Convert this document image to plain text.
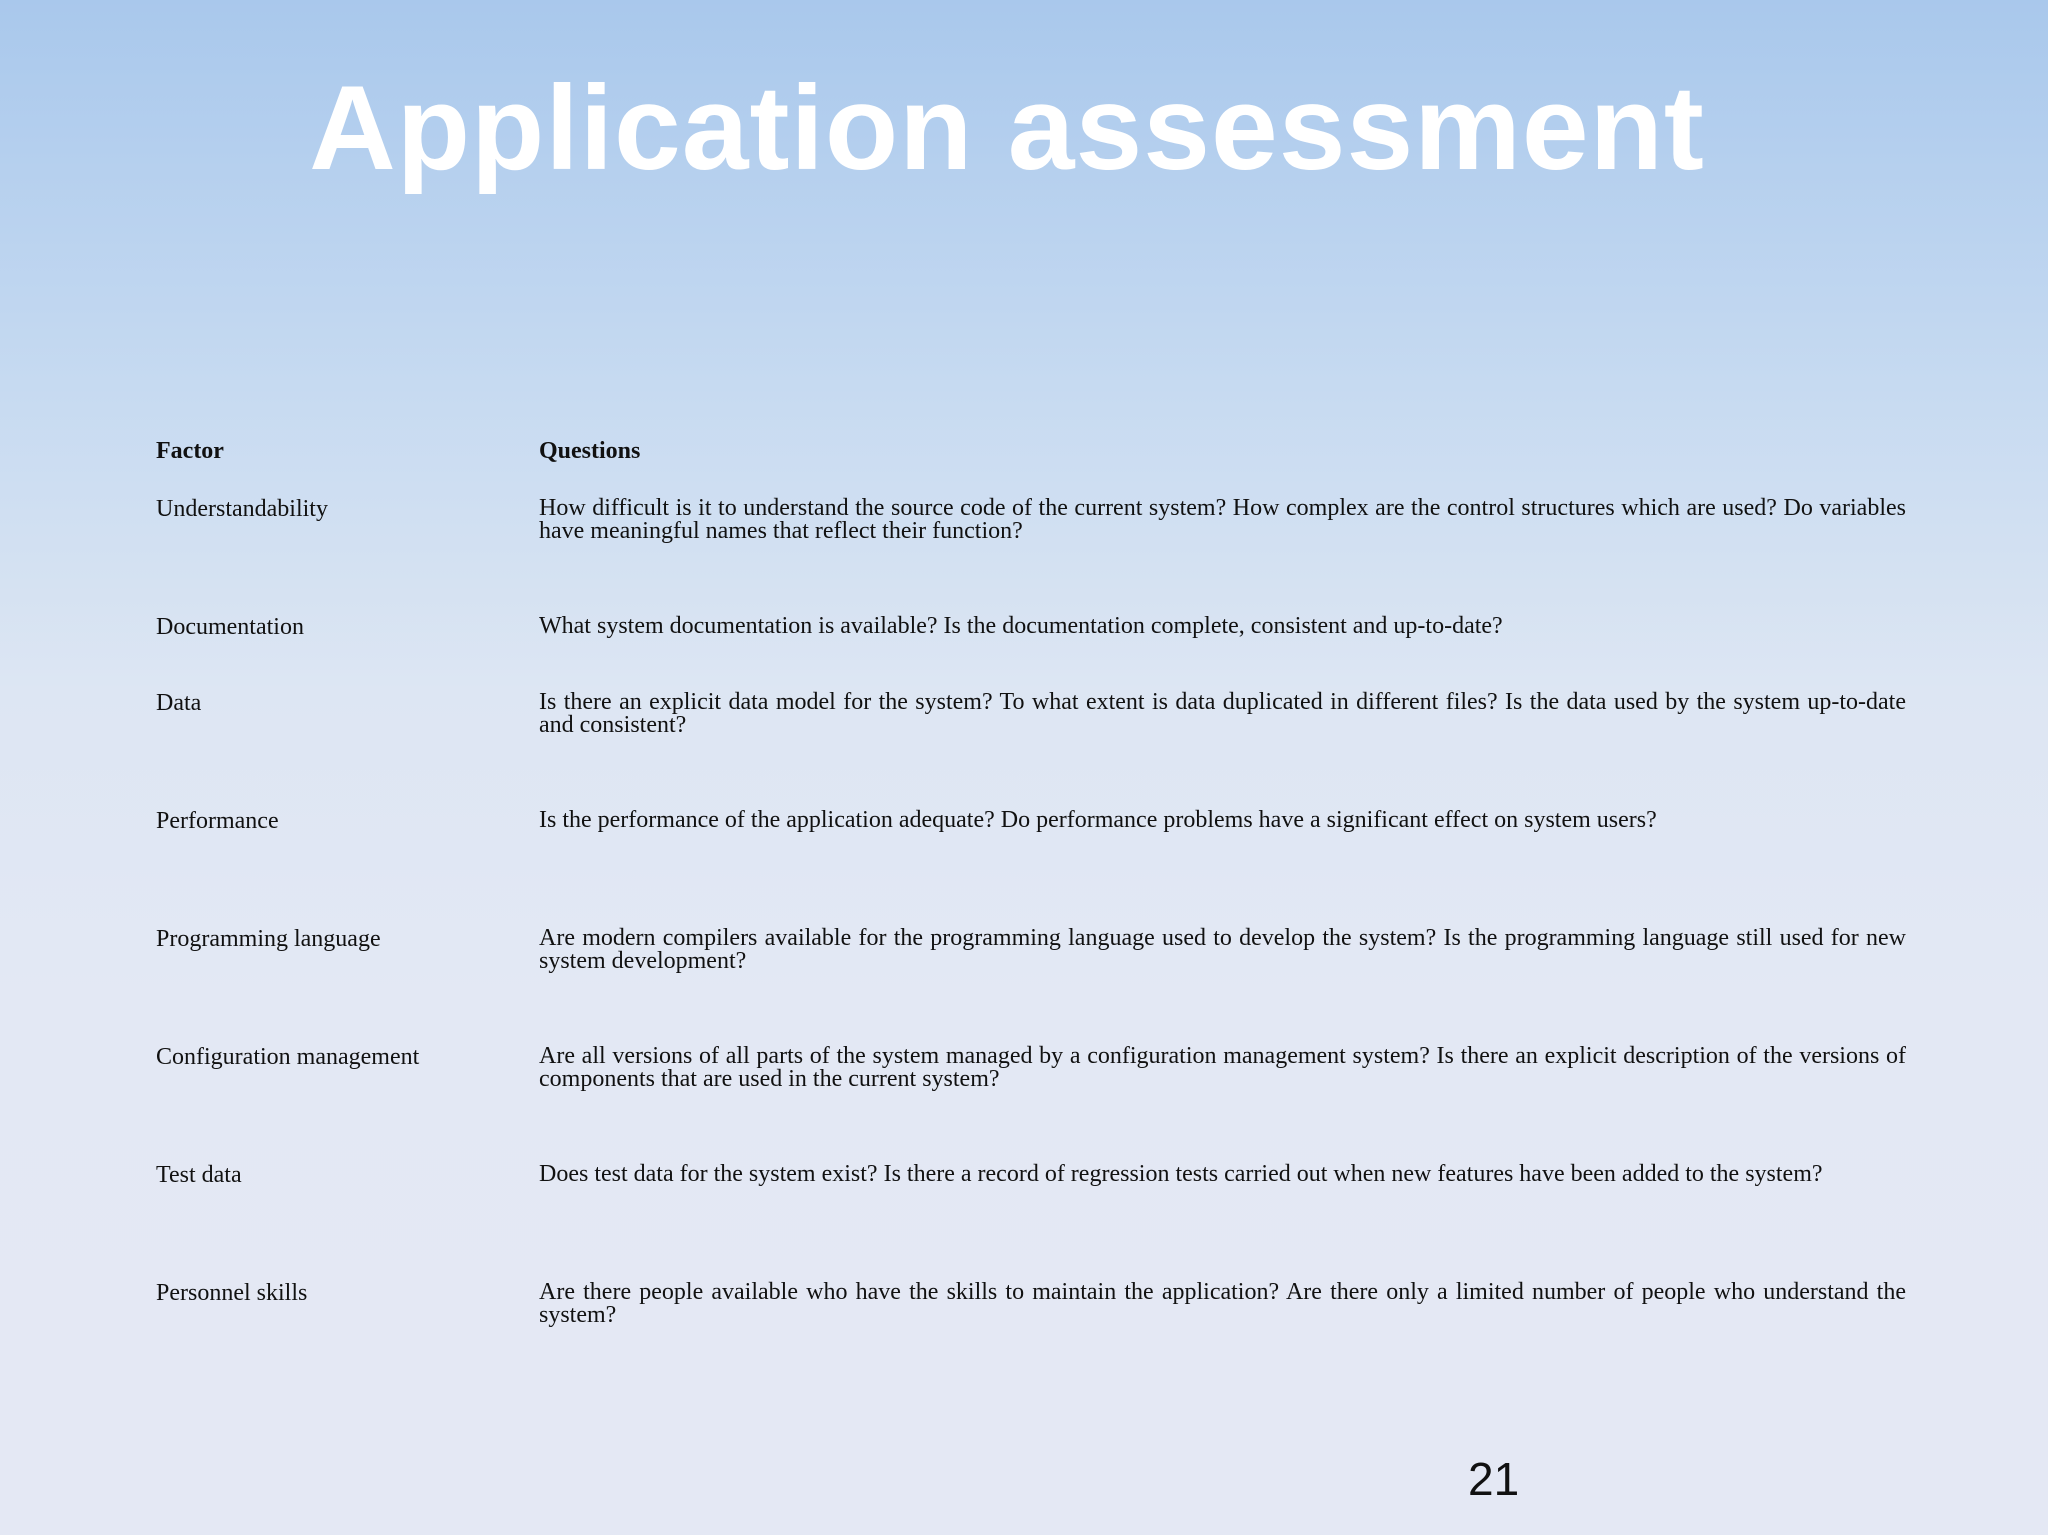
Application assessment
Factor	Questions
Understandability	How difficult is it to understand the source code of the current system? How complex are the control structures which are used? Do variables have meaningful names that reflect their function?
Documentation	What system documentation is available? Is the documentation complete, consistent and up-to-date?
Data	Is there an explicit data model for the system? To what extent is data duplicated in different files? Is the data used by the system up-to-date and consistent?
Performance	Is the performance of the application adequate? Do performance problems have a significant effect on system users?
Programming language	Are modern compilers available for the programming language used to develop the system? Is the programming language still used for new system development?
Configuration management	Are all versions of all parts of the system managed by a configuration management system? Is there an explicit description of the versions of components that are used in the current system?
Test data	Does test data for the system exist? Is there a record of regression tests carried out when new features have been added to the system?
Personnel skills	Are there people available who have the skills to maintain the application? Are there only a limited number of people who understand the system?
21
